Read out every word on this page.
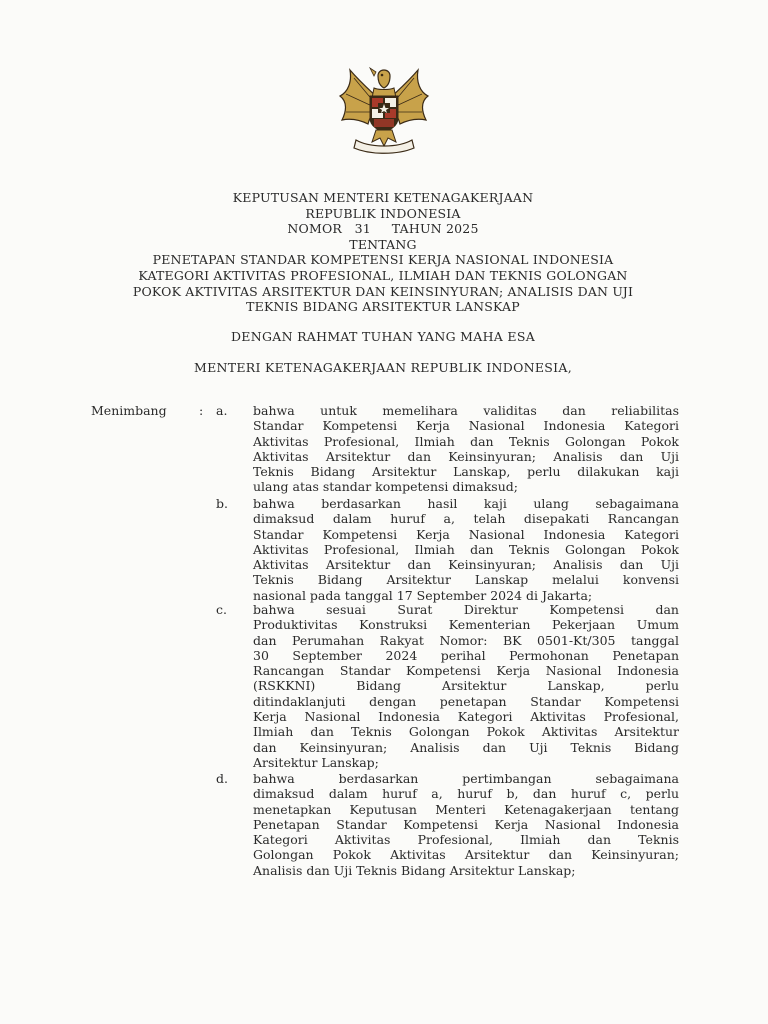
KEPUTUSAN MENTERI KETENAGAKERJAAN
REPUBLIK INDONESIA
NOMOR 31 TAHUN 2025
TENTANG
PENETAPAN STANDAR KOMPETENSI KERJA NASIONAL INDONESIA
KATEGORI AKTIVITAS PROFESIONAL, ILMIAH DAN TEKNIS GOLONGAN
POKOK AKTIVITAS ARSITEKTUR DAN KEINSINYURAN; ANALISIS DAN UJI
TEKNIS BIDANG ARSITEKTUR LANSKAP
DENGAN RAHMAT TUHAN YANG MAHA ESA
MENTERI KETENAGAKERJAAN REPUBLIK INDONESIA,
Menimbang	: a. bahwa untuk memelihara validitas dan reliabilitas
Standar Kompetensi Kerja Nasional Indonesia Kategori
Aktivitas Profesional, Ilmiah dan Teknis Golongan Pokok
Aktivitas Arsitektur dan Keinsinyuran; Analisis dan Uji
Teknis Bidang Arsitektur Lanskap, perlu dilakukan kaji
ulang atas standar kompetensi dimaksud;
b. bahwa berdasarkan hasil kaji ulang sebagaimana
dimaksud dalam huruf a, telah disepakati Rancangan
Standar Kompetensi Kerja Nasional Indonesia Kategori
Aktivitas Profesional, Ilmiah dan Teknis Golongan Pokok
Aktivitas Arsitektur dan Keinsinyuran; Analisis dan Uji
Teknis Bidang Arsitektur Lanskap melalui konvensi
nasional pada tanggal 17 September 2024 di Jakarta;
c. bahwa sesuai Surat Direktur Kompetensi dan
Produktivitas Konstruksi Kementerian Pekerjaan Umum
dan Perumahan Rakyat Nomor: BK 0501-Kt/305 tanggal
30 September 2024 perihal Permohonan Penetapan
Rancangan Standar Kompetensi Kerja Nasional Indonesia
(RSKKNI) Bidang Arsitektur Lanskap, perlu
ditindaklanjuti dengan penetapan Standar Kompetensi
Kerja Nasional Indonesia Kategori Aktivitas Profesional,
Ilmiah dan Teknis Golongan Pokok Aktivitas Arsitektur
dan Keinsinyuran; Analisis dan Uji Teknis Bidang
Arsitektur Lanskap;
d. bahwa berdasarkan pertimbangan sebagaimana
dimaksud dalam huruf a, huruf b, dan huruf c, perlu
menetapkan Keputusan Menteri Ketenagakerjaan tentang
Penetapan Standar Kompetensi Kerja Nasional Indonesia
Kategori Aktivitas Profesional, Ilmiah dan Teknis
Golongan Pokok Aktivitas Arsitektur dan Keinsinyuran;
Analisis dan Uji Teknis Bidang Arsitektur Lanskap;
